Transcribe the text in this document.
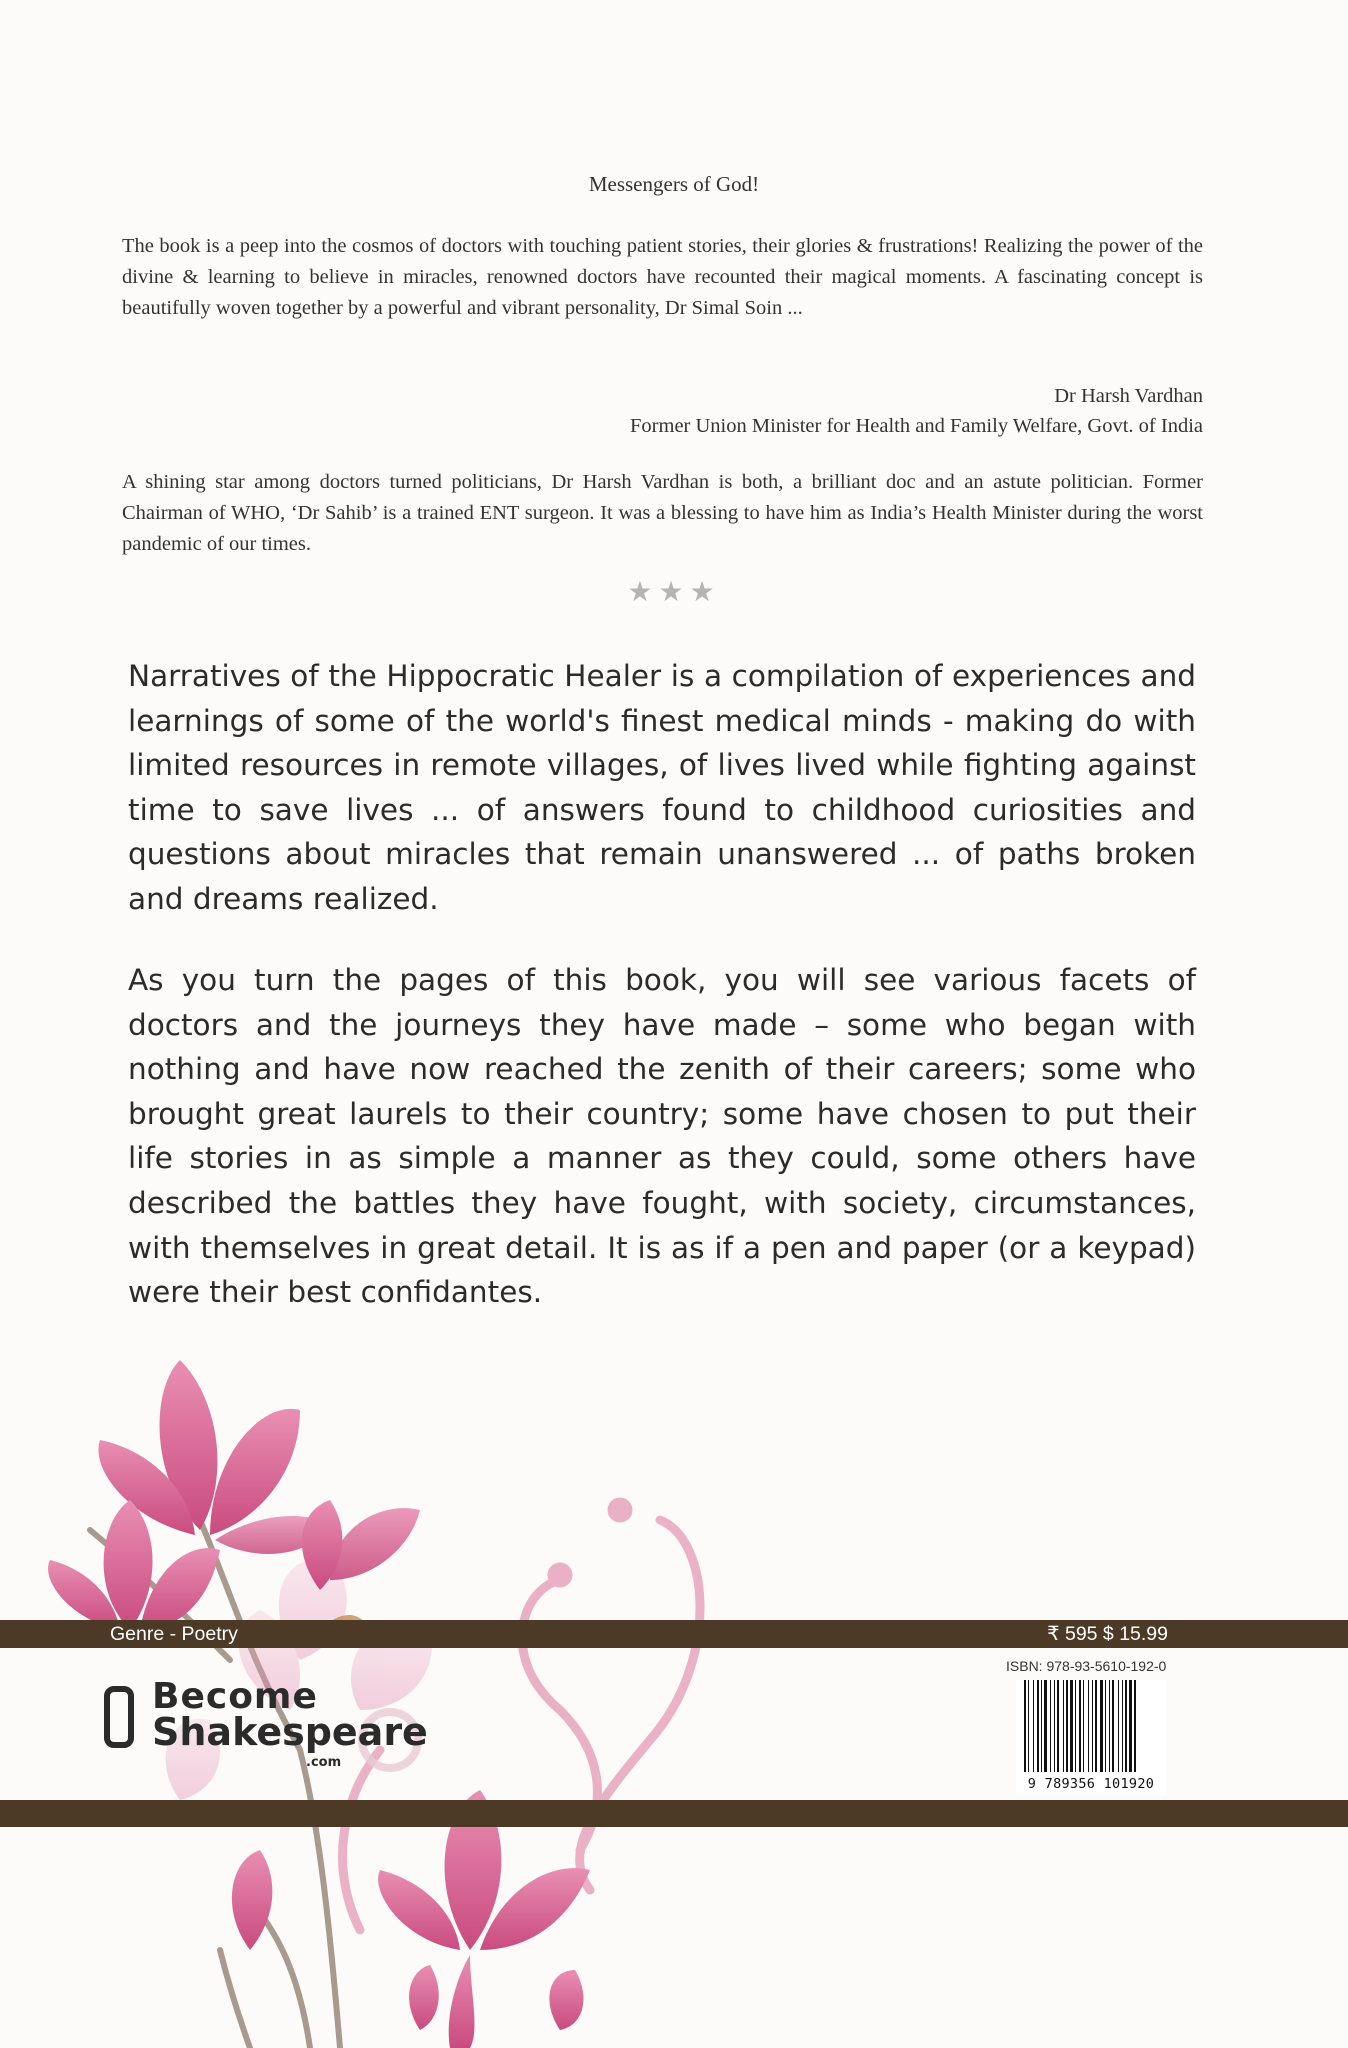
Messengers of God!

The book is a peep into the cosmos of doctors with touching patient stories, their glories & frustrations! Realizing the power of the divine & learning to believe in miracles, renowned doctors have recounted their magical moments. A fascinating concept is beautifully woven together by a powerful and vibrant personality, Dr Simal Soin ...

Dr Harsh Vardhan
Former Union Minister for Health and Family Welfare, Govt. of India

A shining star among doctors turned politicians, Dr Harsh Vardhan is both, a brilliant doc and an astute politician. Former Chairman of WHO, ‘Dr Sahib’ is a trained ENT surgeon. It was a blessing to have him as India’s Health Minister during the worst pandemic of our times.

★★★

Narratives of the Hippocratic Healer is a compilation of experiences and learnings of some of the world's finest medical minds - making do with limited resources in remote villages, of lives lived while fighting against time to save lives ... of answers found to childhood curiosities and questions about miracles that remain unanswered ... of paths broken and dreams realized.

As you turn the pages of this book, you will see various facets of doctors and the journeys they have made – some who began with nothing and have now reached the zenith of their careers; some who brought great laurels to their country; some have chosen to put their life stories in as simple a manner as they could, some others have described the battles they have fought, with society, circumstances, with themselves in great detail. It is as if a pen and paper (or a keypad) were their best confidantes.

Genre - Poetry	₹ 595 $ 15.99
Become
Shakespeare
.com
ISBN: 978-93-5610-192-0
9 789356 101920
